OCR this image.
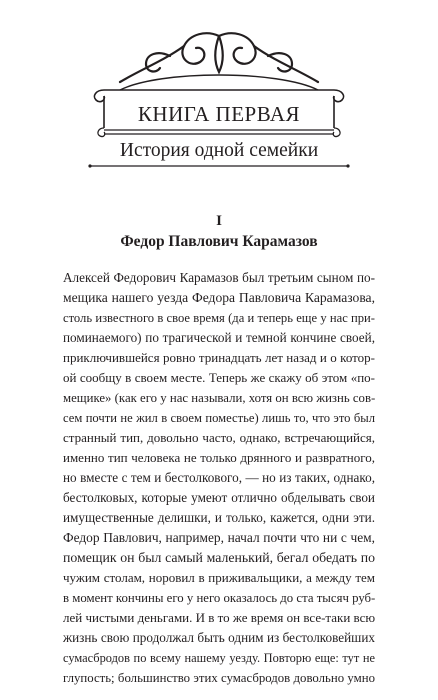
КНИГА ПЕРВАЯ
История одной семейки
I
Федор Павлович Карамазов
Алексей Федорович Карамазов был третьим сыном по-
мещика нашего уезда Федора Павловича Карамазова,
столь известного в свое время (да и теперь еще у нас при-
поминаемого) по трагической и темной кончине своей,
приключившейся ровно тринадцать лет назад и о котор-
ой сообщу в своем месте. Теперь же скажу об этом «по-
мещике» (как его у нас называли, хотя он всю жизнь сов-
сем почти не жил в своем поместье) лишь то, что это был
странный тип, довольно часто, однако, встречающийся,
именно тип человека не только дрянного и развратного,
но вместе с тем и бестолкового, — но из таких, однако,
бестолковых, которые умеют отлично обделывать свои
имущественные делишки, и только, кажется, одни эти.
Федор Павлович, например, начал почти что ни с чем,
помещик он был самый маленький, бегал обедать по
чужим столам, норовил в приживальщики, а между тем
в момент кончины его у него оказалось до ста тысяч руб-
лей чистыми деньгами. И в то же время он все-таки всю
жизнь свою продолжал быть одним из бестолковейших
сумасбродов по всему нашему уезду. Повторю еще: тут не
глупость; большинство этих сумасбродов довольно умно
